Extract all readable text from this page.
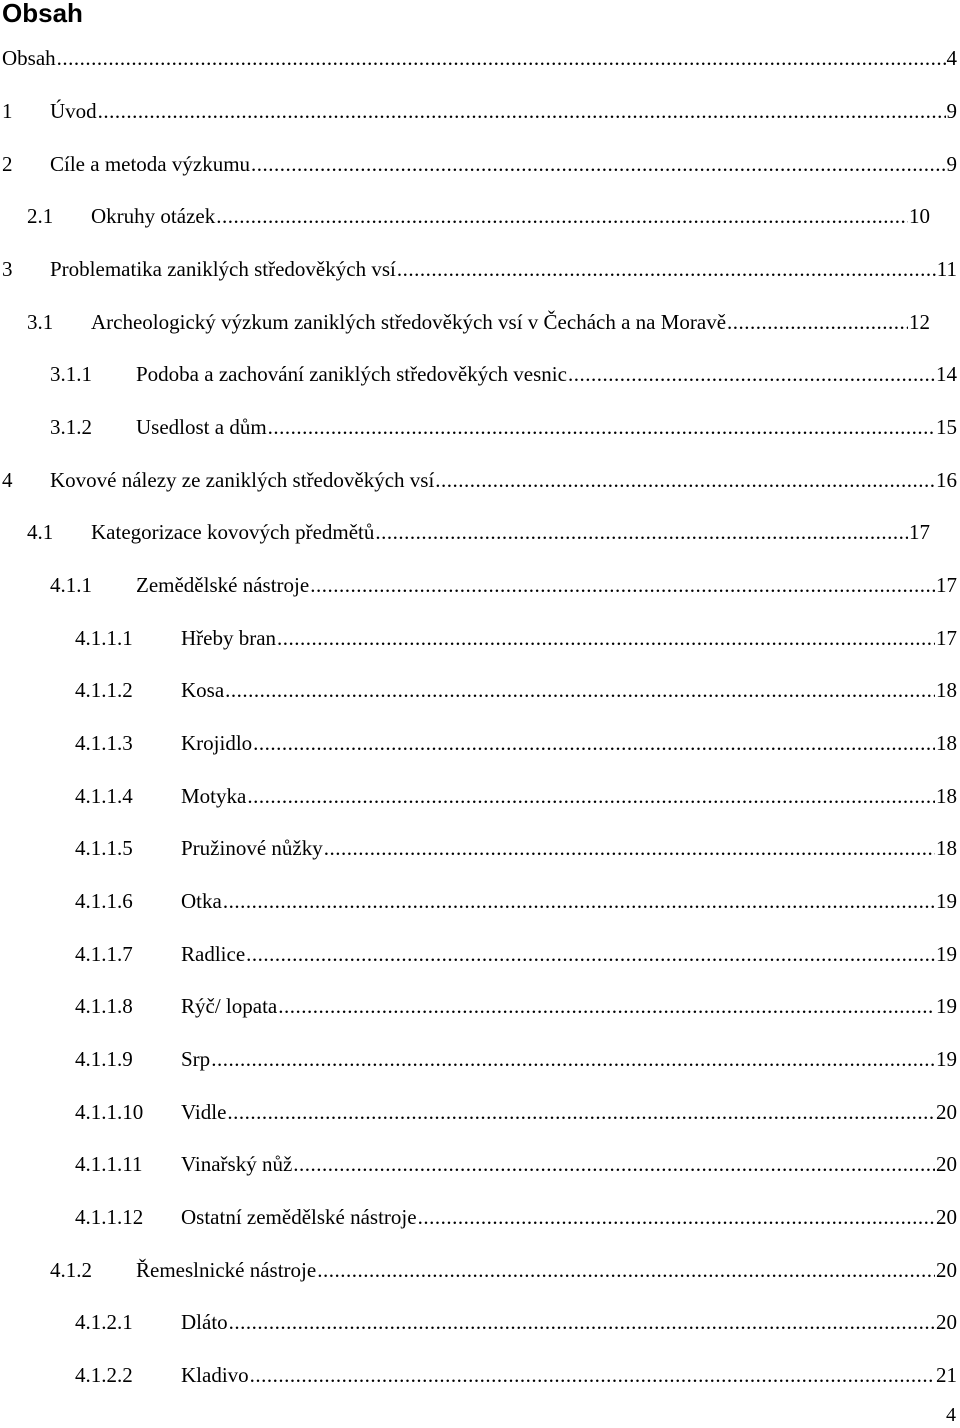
Obsah
Obsah .....	4
1	Úvod .....	9
2	Cíle a metoda výzkumu .....	9
2.1	Okruhy otázek .....	10
3	Problematika zaniklých středověkých vsí .....	11
3.1	Archeologický výzkum zaniklých středověkých vsí v Čechách a na Moravě .....	12
3.1.1	Podoba a zachování zaniklých středověkých vesnic .....	14
3.1.2	Usedlost a dům .....	15
4	Kovové nálezy ze zaniklých středověkých vsí .....	16
4.1	Kategorizace kovových předmětů .....	17
4.1.1	Zemědělské nástroje .....	17
4.1.1.1	Hřeby bran .....	17
4.1.1.2	Kosa .....	18
4.1.1.3	Krojidlo .....	18
4.1.1.4	Motyka .....	18
4.1.1.5	Pružinové nůžky .....	18
4.1.1.6	Otka .....	19
4.1.1.7	Radlice .....	19
4.1.1.8	Rýč/ lopata .....	19
4.1.1.9	Srp .....	19
4.1.1.10	Vidle .....	20
4.1.1.11	Vinařský nůž .....	20
4.1.1.12	Ostatní zemědělské nástroje .....	20
4.1.2	Řemeslnické nástroje .....	20
4.1.2.1	Dláto .....	20
4.1.2.2	Kladivo .....	21
4
